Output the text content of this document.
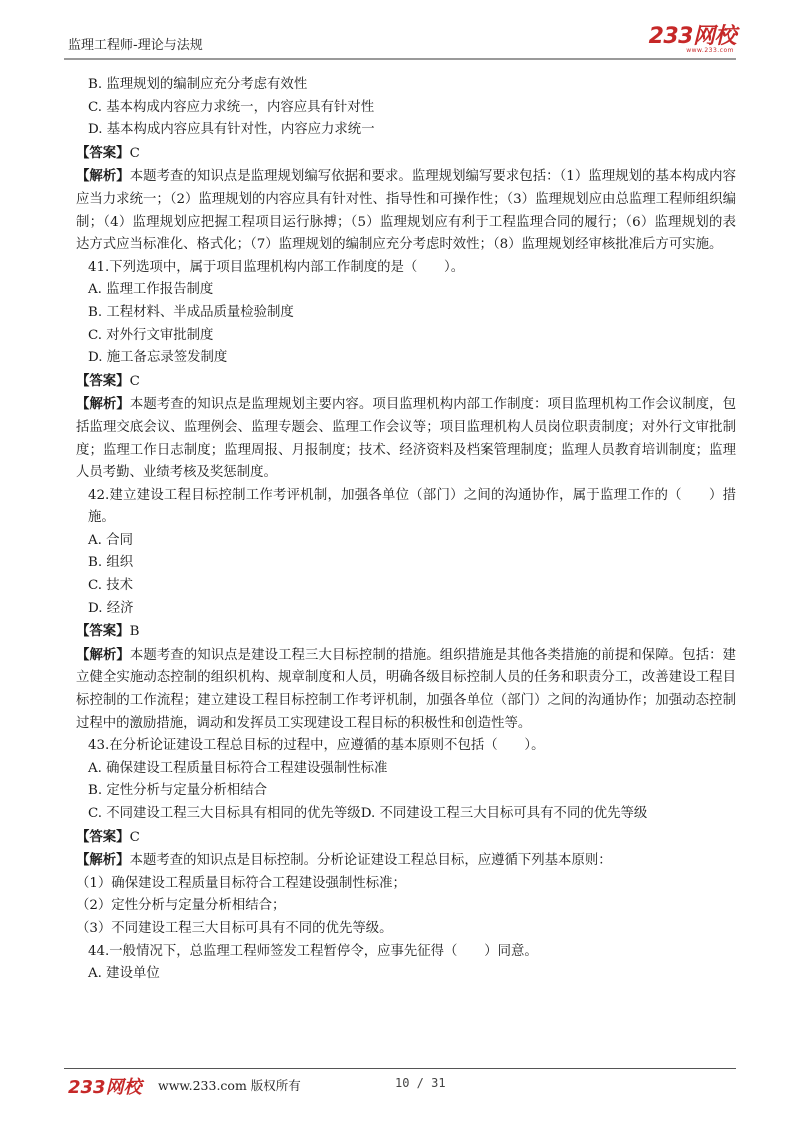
监理工程师-理论与法规	233网校
www.233.com
B. 监理规划的编制应充分考虑有效性
C. 基本构成内容应力求统一，内容应具有针对性
D. 基本构成内容应具有针对性，内容应力求统一
【答案】C
【解析】本题考查的知识点是监理规划编写依据和要求。监理规划编写要求包括：（1）监理规划的基本构成内容应当力求统一；（2）监理规划的内容应具有针对性、指导性和可操作性；（3）监理规划应由总监理工程师组织编制；（4）监理规划应把握工程项目运行脉搏；（5）监理规划应有利于工程监理合同的履行；（6）监理规划的表达方式应当标准化、格式化；（7）监理规划的编制应充分考虑时效性；（8）监理规划经审核批准后方可实施。
41.下列选项中，属于项目监理机构内部工作制度的是（　　）。
A. 监理工作报告制度
B. 工程材料、半成品质量检验制度
C. 对外行文审批制度
D. 施工备忘录签发制度
【答案】C
【解析】本题考查的知识点是监理规划主要内容。项目监理机构内部工作制度：项目监理机构工作会议制度，包括监理交底会议、监理例会、监理专题会、监理工作会议等；项目监理机构人员岗位职责制度；对外行文审批制度；监理工作日志制度；监理周报、月报制度；技术、经济资料及档案管理制度；监理人员教育培训制度；监理人员考勤、业绩考核及奖惩制度。
42.建立建设工程目标控制工作考评机制，加强各单位（部门）之间的沟通协作，属于监理工作的（　　）措施。
A. 合同
B. 组织
C. 技术
D. 经济
【答案】B
【解析】本题考查的知识点是建设工程三大目标控制的措施。组织措施是其他各类措施的前提和保障。包括：建立健全实施动态控制的组织机构、规章制度和人员，明确各级目标控制人员的任务和职责分工，改善建设工程目标控制的工作流程；建立建设工程目标控制工作考评机制，加强各单位（部门）之间的沟通协作；加强动态控制过程中的激励措施，调动和发挥员工实现建设工程目标的积极性和创造性等。
43.在分析论证建设工程总目标的过程中，应遵循的基本原则不包括（　　）。
A. 确保建设工程质量目标符合工程建设强制性标准
B. 定性分析与定量分析相结合
C. 不同建设工程三大目标具有相同的优先等级D. 不同建设工程三大目标可具有不同的优先等级
【答案】C
【解析】本题考查的知识点是目标控制。分析论证建设工程总目标，应遵循下列基本原则：
（1）确保建设工程质量目标符合工程建设强制性标准；
（2）定性分析与定量分析相结合；
（3）不同建设工程三大目标可具有不同的优先等级。
44.一般情况下，总监理工程师签发工程暂停令，应事先征得（　　）同意。
A. 建设单位
233网校 www.233.com 版权所有	10 / 31
